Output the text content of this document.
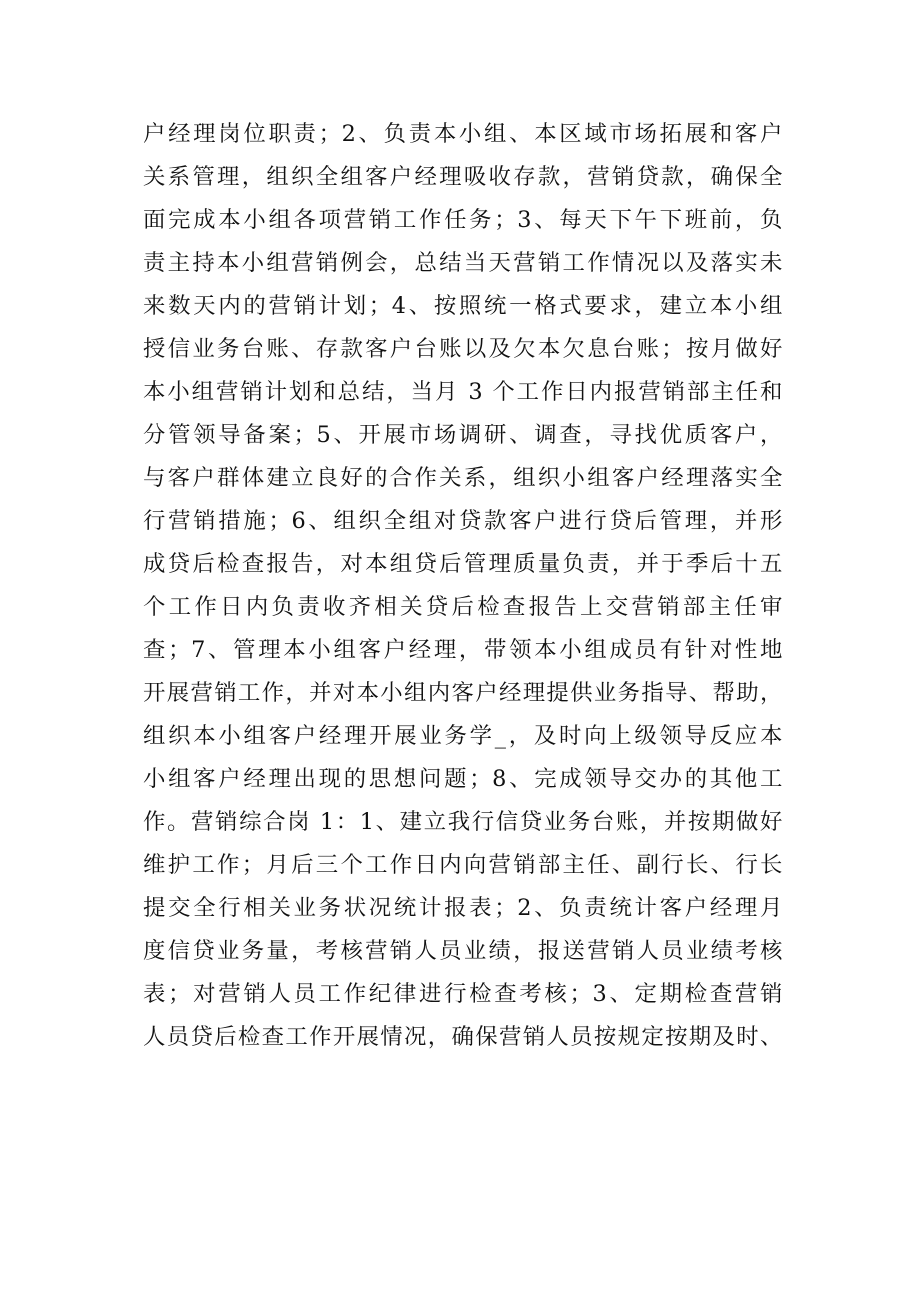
户经理岗位职责；2、负责本小组、本区域市场拓展和客户
关系管理，组织全组客户经理吸收存款，营销贷款，确保全
面完成本小组各项营销工作任务；3、每天下午下班前，负
责主持本小组营销例会，总结当天营销工作情况以及落实未
来数天内的营销计划；4、按照统一格式要求，建立本小组
授信业务台账、存款客户台账以及欠本欠息台账；按月做好
本小组营销计划和总结，当月 3 个工作日内报营销部主任和
分管领导备案；5、开展市场调研、调查，寻找优质客户，
与客户群体建立良好的合作关系，组织小组客户经理落实全
行营销措施；6、组织全组对贷款客户进行贷后管理，并形
成贷后检查报告，对本组贷后管理质量负责，并于季后十五
个工作日内负责收齐相关贷后检查报告上交营销部主任审
查；7、管理本小组客户经理，带领本小组成员有针对性地
开展营销工作，并对本小组内客户经理提供业务指导、帮助，
组织本小组客户经理开展业务学_，及时向上级领导反应本
小组客户经理出现的思想问题；8、完成领导交办的其他工
作。营销综合岗 1：1、建立我行信贷业务台账，并按期做好
维护工作；月后三个工作日内向营销部主任、副行长、行长
提交全行相关业务状况统计报表；2、负责统计客户经理月
度信贷业务量，考核营销人员业绩，报送营销人员业绩考核
表；对营销人员工作纪律进行检查考核；3、定期检查营销
人员贷后检查工作开展情况，确保营销人员按规定按期及时、
